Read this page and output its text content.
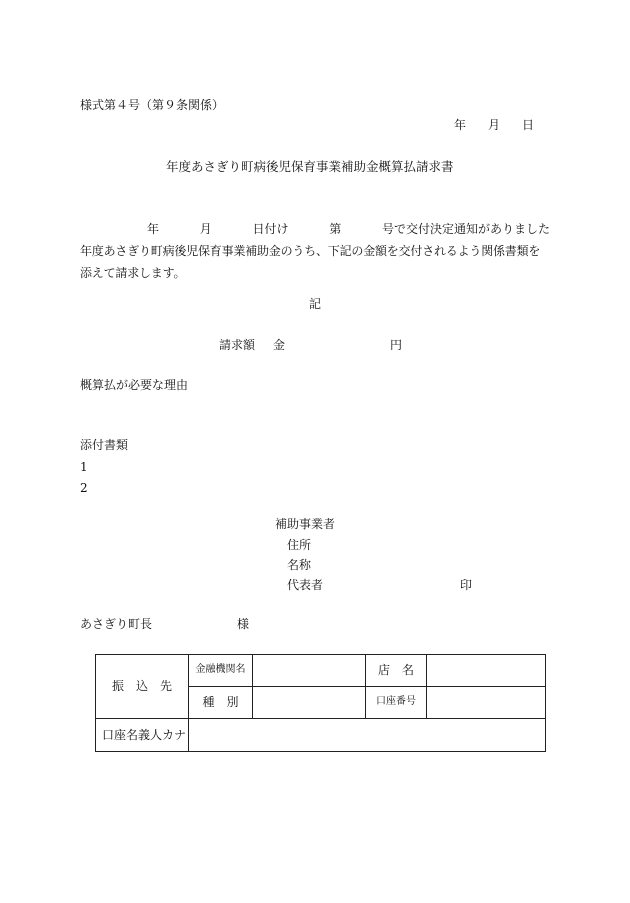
様式第４号（第９条関係）
年 月 日
年度あさぎり町病後児保育事業補助金概算払請求書
年	月	日付け	第	号で交付決定通知がありました
年度あさぎり町病後児保育事業補助金のうち、下記の金額を交付されるよう関係書類を
添えて請求します。
記
請求額 金	円
概算払が必要な理由
添付書類
1
2
補助事業者
住所
名称
代表者	印
あさぎり町長	様
振　込　先	金融機関名		店　名	
	種　別		口座番号	
口座名義人カナ				
